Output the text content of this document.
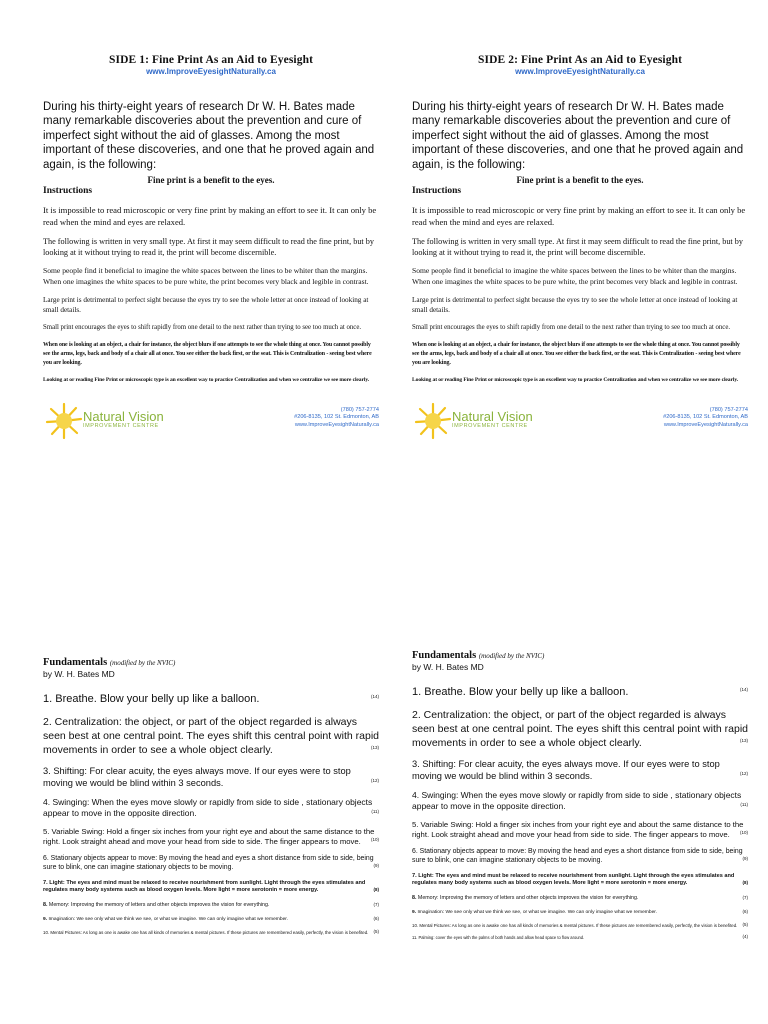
SIDE 1: Fine Print As an Aid to Eyesight
www.ImproveEyesightNaturally.ca
During his thirty-eight years of research Dr W. H. Bates made many remarkable discoveries about the prevention and cure of imperfect sight without the aid of glasses. Among the most important of these discoveries, and one that he proved again and again, is the following:
Fine print is a benefit to the eyes.
Instructions

It is impossible to read microscopic or very fine print by making an effort to see it. It can only be read when the mind and eyes are relaxed.

The following is written in very small type. At first it may seem difficult to read the fine print, but by looking at it without trying to read it, the print will become discernible.

Some people find it beneficial to imagine the white spaces between the lines to be whiter than the margins. When one imagines the white spaces to be pure white, the print becomes very black and legible in contrast.

Large print is detrimental to perfect sight because the eyes try to see the whole letter at once instead of looking at small details.

Small print encourages the eyes to shift rapidly from one detail to the next rather than trying to see too much at once.

When one is looking at an object, a chair for instance, the object blurs if one attempts to see the whole thing at once. You cannot possibly see the arms, legs, back and body of a chair all at once. You see either the back first, or the seat. This is Centralization - seeing best where you are looking.

Looking at or reading Fine Print or microscopic type is an excellent way to practice Centralization and when we centralize we see more clearly.

Natural Vision
IMPROVEMENT CENTRE
(780) 757-2774
#206-8135, 102 St. Edmonton, AB
www.ImproveEyesightNaturally.ca
SIDE 2: Fine Print As an Aid to Eyesight
www.ImproveEyesightNaturally.ca
During his thirty-eight years of research Dr W. H. Bates made many remarkable discoveries about the prevention and cure of imperfect sight without the aid of glasses. Among the most important of these discoveries, and one that he proved again and again, is the following:
Fine print is a benefit to the eyes.
Instructions

It is impossible to read microscopic or very fine print by making an effort to see it. It can only be read when the mind and eyes are relaxed.

The following is written in very small type. At first it may seem difficult to read the fine print, but by looking at it without trying to read it, the print will become discernible.

Some people find it beneficial to imagine the white spaces between the lines to be whiter than the margins. When one imagines the white spaces to be pure white, the print becomes very black and legible in contrast.

Large print is detrimental to perfect sight because the eyes try to see the whole letter at once instead of looking at small details.

Small print encourages the eyes to shift rapidly from one detail to the next rather than trying to see too much at once.

When one is looking at an object, a chair for instance, the object blurs if one attempts to see the whole thing at once. You cannot possibly see the arms, legs, back and body of a chair all at once. You see either the back first, or the seat. This is Centralization - seeing best where you are looking.

Looking at or reading Fine Print or microscopic type is an excellent way to practice Centralization and when we centralize we see more clearly.

Natural Vision
IMPROVEMENT CENTRE
(780) 757-2774
#206-8135, 102 St. Edmonton, AB
www.ImproveEyesightNaturally.ca
Fundamentals (modified by the NVIC)
by W. H. Bates MD
1. Breathe. Blow your belly up like a balloon.	(14)
2. Centralization: the object, or part of the object regarded is always seen best at one central point. The eyes shift this central point with rapid movements in order to see a whole object clearly.	(13)
3. Shifting: For clear acuity, the eyes always move. If our eyes were to stop moving we would be blind within 3 seconds.	(12)
4. Swinging: When the eyes move slowly or rapidly from side to side , stationary objects appear to move in the opposite direction.	(11)
5. Variable Swing: Hold a finger six inches from your right eye and about the same distance to the right. Look straight ahead and move your head from side to side. The finger appears to move. (10)
6. Stationary objects appear to move: By moving the head and eyes a short distance from side to side, being sure to blink, one can imagine stationary objects to be moving.	(9)
7. Light: The eyes and mind must be relaxed to receive nourishment from sunlight. Light through the eyes stimulates and regulates many body systems such as blood oxygen levels. More light = more serotonin = more energy.	(8)
8. Memory: Improving the memory of letters and other objects improves the vision for everything.	(7)
9. Imagination: We see only what we think we see, or what we imagine. We can only imagine what we remember.	(6)
10. Mental Pictures: As long as one is awake one has all kinds of memories & mental pictures. If these pictures are remembered easily, perfectly, the vision is benefited. (5)
Fundamentals (modified by the NVIC)
by W. H. Bates MD
1. Breathe. Blow your belly up like a balloon.	(14)
2. Centralization: the object, or part of the object regarded is always seen best at one central point. The eyes shift this central point with rapid movements in order to see a whole object clearly.	(13)
3. Shifting: For clear acuity, the eyes always move. If our eyes were to stop moving we would be blind within 3 seconds.	(12)
4. Swinging: When the eyes move slowly or rapidly from side to side , stationary objects appear to move in the opposite direction.	(11)
5. Variable Swing: Hold a finger six inches from your right eye and about the same distance to the right. Look straight ahead and move your head from side to side. The finger appears to move. (10)
6. Stationary objects appear to move: By moving the head and eyes a short distance from side to side, being sure to blink, one can imagine stationary objects to be moving.	(9)
7. Light: The eyes and mind must be relaxed to receive nourishment from sunlight. Light through the eyes stimulates and regulates many body systems such as blood oxygen levels. More light = more serotonin = more energy.	(8)
8. Memory: Improving the memory of letters and other objects improves the vision for everything.	(7)
9. Imagination: We see only what we think we see, or what we imagine. We can only imagine what we remember.	(6)
10. Mental Pictures: As long as one is awake one has all kinds of memories & mental pictures. If these pictures are remembered easily, perfectly, the vision is benefited. (5)
11. Palming: cover the eyes with the palms of both hands and allow head space to flow around.	(4)
